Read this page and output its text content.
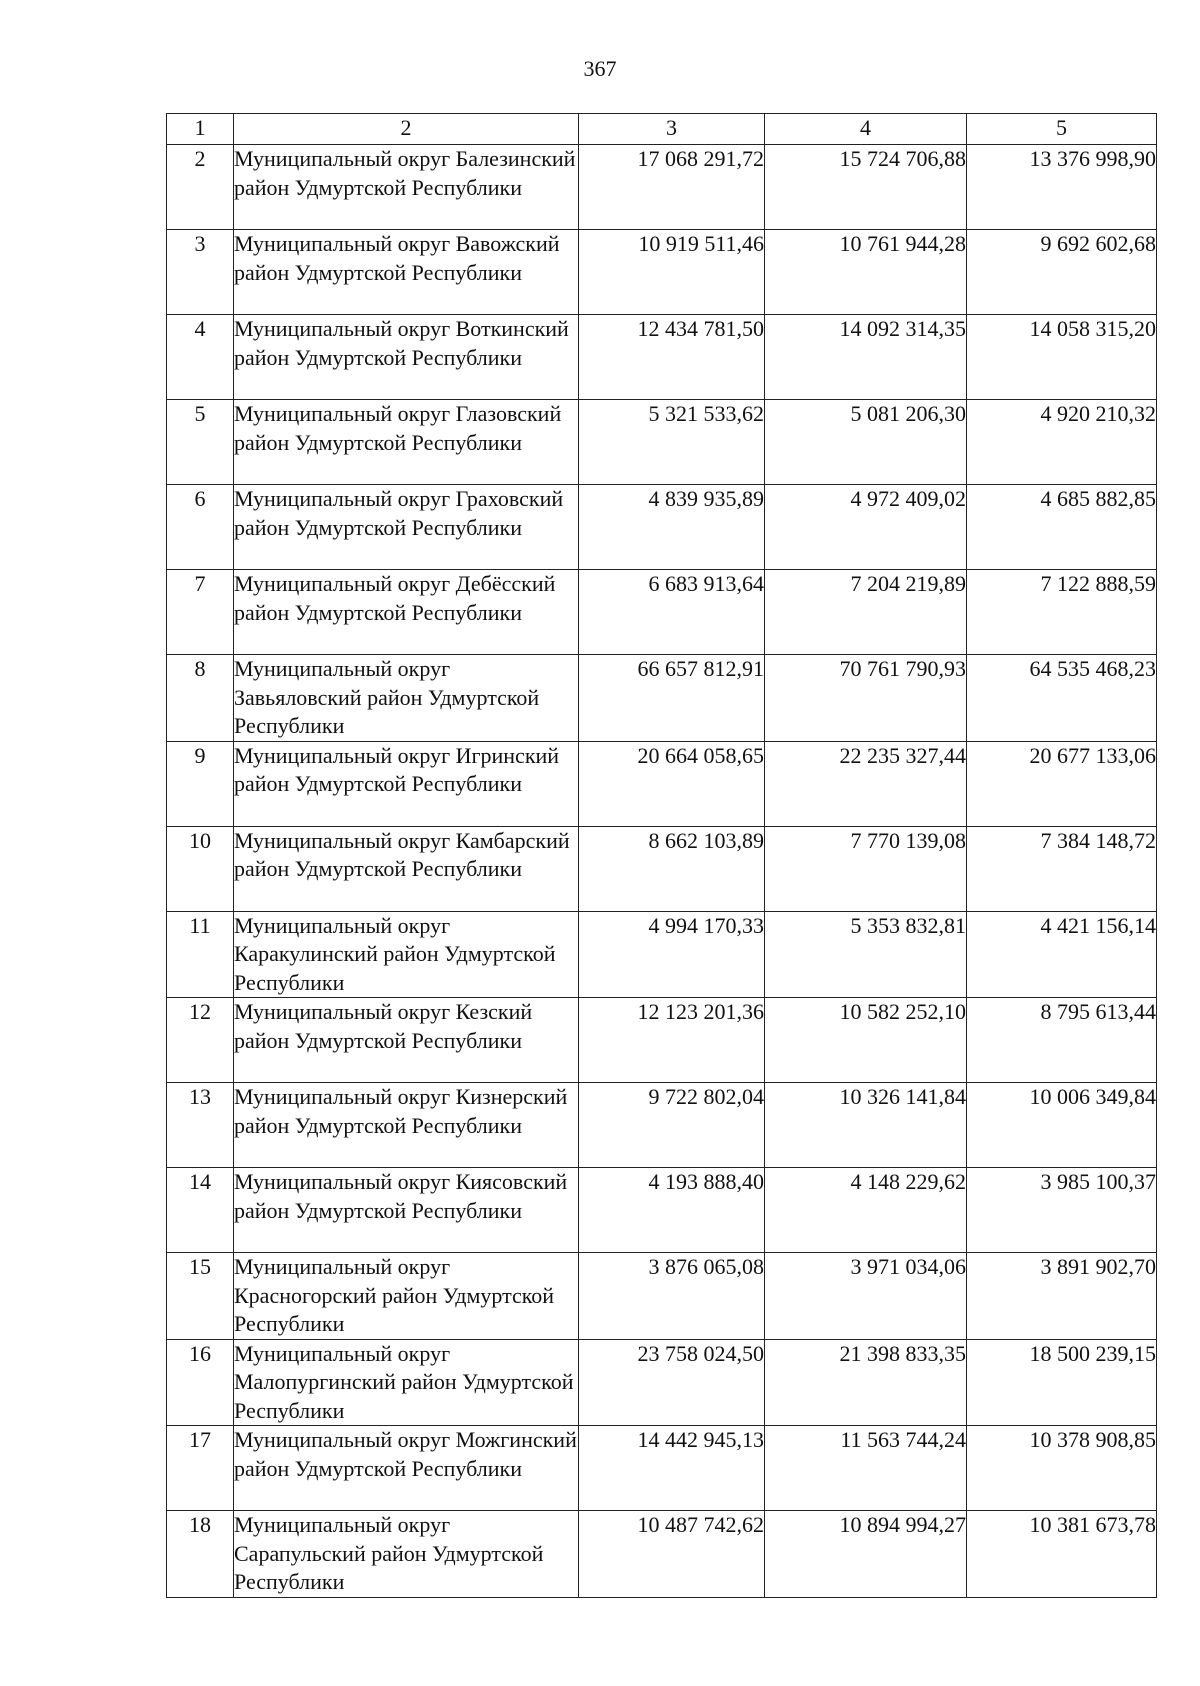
367
1	2	3	4	5
2	Муниципальный округ Балезинский район Удмуртской Республики	17 068 291,72	15 724 706,88	13 376 998,90
3	Муниципальный округ Вавожский район Удмуртской Республики	10 919 511,46	10 761 944,28	9 692 602,68
4	Муниципальный округ Воткинский район Удмуртской Республики	12 434 781,50	14 092 314,35	14 058 315,20
5	Муниципальный округ Глазовский район Удмуртской Республики	5 321 533,62	5 081 206,30	4 920 210,32
6	Муниципальный округ Граховский район Удмуртской Республики	4 839 935,89	4 972 409,02	4 685 882,85
7	Муниципальный округ Дебёсский район Удмуртской Республики	6 683 913,64	7 204 219,89	7 122 888,59
8	Муниципальный округ Завьяловский район Удмуртской Республики	66 657 812,91	70 761 790,93	64 535 468,23
9	Муниципальный округ Игринский район Удмуртской Республики	20 664 058,65	22 235 327,44	20 677 133,06
10	Муниципальный округ Камбарский район Удмуртской Республики	8 662 103,89	7 770 139,08	7 384 148,72
11	Муниципальный округ Каракулинский район Удмуртской Республики	4 994 170,33	5 353 832,81	4 421 156,14
12	Муниципальный округ Кезский район Удмуртской Республики	12 123 201,36	10 582 252,10	8 795 613,44
13	Муниципальный округ Кизнерский район Удмуртской Республики	9 722 802,04	10 326 141,84	10 006 349,84
14	Муниципальный округ Киясовский район Удмуртской Республики	4 193 888,40	4 148 229,62	3 985 100,37
15	Муниципальный округ Красногорский район Удмуртской Республики	3 876 065,08	3 971 034,06	3 891 902,70
16	Муниципальный округ Малопургинский район Удмуртской Республики	23 758 024,50	21 398 833,35	18 500 239,15
17	Муниципальный округ Можгинский район Удмуртской Республики	14 442 945,13	11 563 744,24	10 378 908,85
18	Муниципальный округ Сарапульский район Удмуртской Республики	10 487 742,62	10 894 994,27	10 381 673,78
